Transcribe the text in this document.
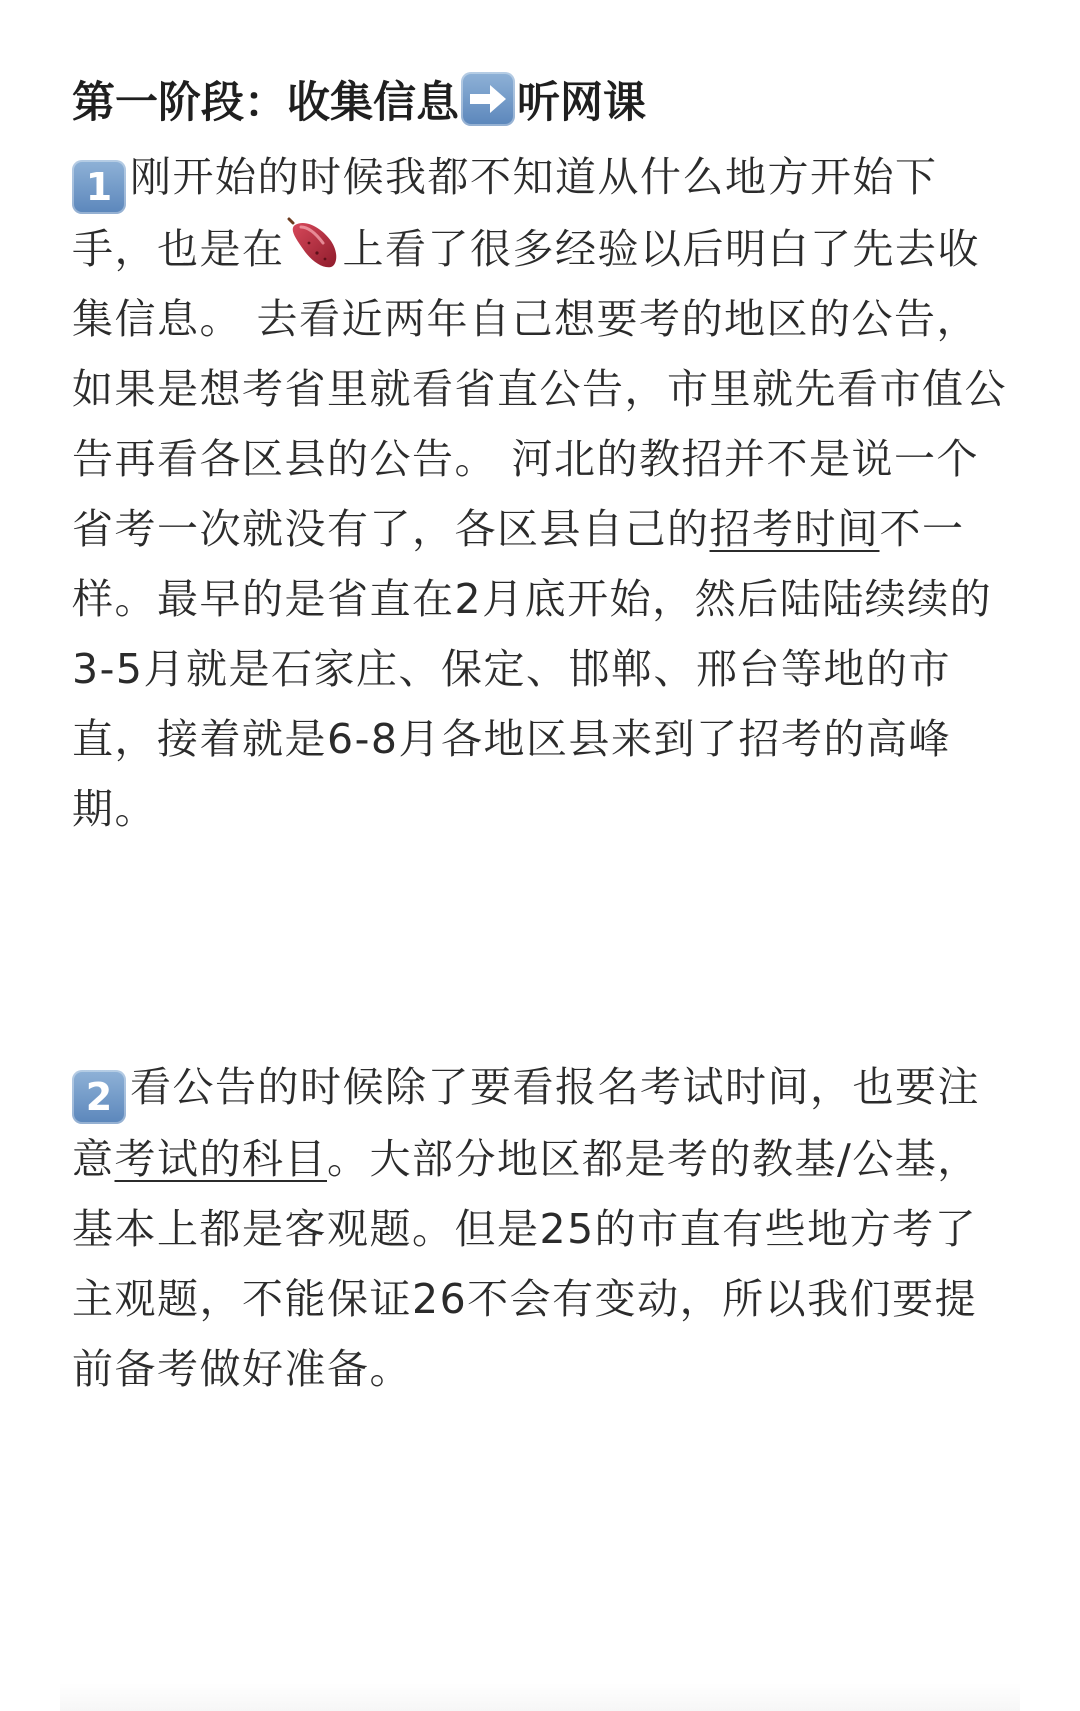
第一阶段：收集信息 听网课

1 刚开始的时候我都不知道从什么地方开始下手，也是在 上看了很多经验以后明白了先去收集信息。 去看近两年自己想要考的地区的公告，如果是想考省里就看省直公告，市里就先看市值公告再看各区县的公告。 河北的教招并不是说一个省考一次就没有了，各区县自己的招考时间不一样。最早的是省直在2月底开始，然后陆陆续续的3-5月就是石家庄、保定、邯郸、邢台等地的市直，接着就是6-8月各地区县来到了招考的高峰期。

2 看公告的时候除了要看报名考试时间，也要注意考试的科目。大部分地区都是考的教基/公基，基本上都是客观题。但是25的市直有些地方考了主观题，不能保证26不会有变动，所以我们要提前备考做好准备。
